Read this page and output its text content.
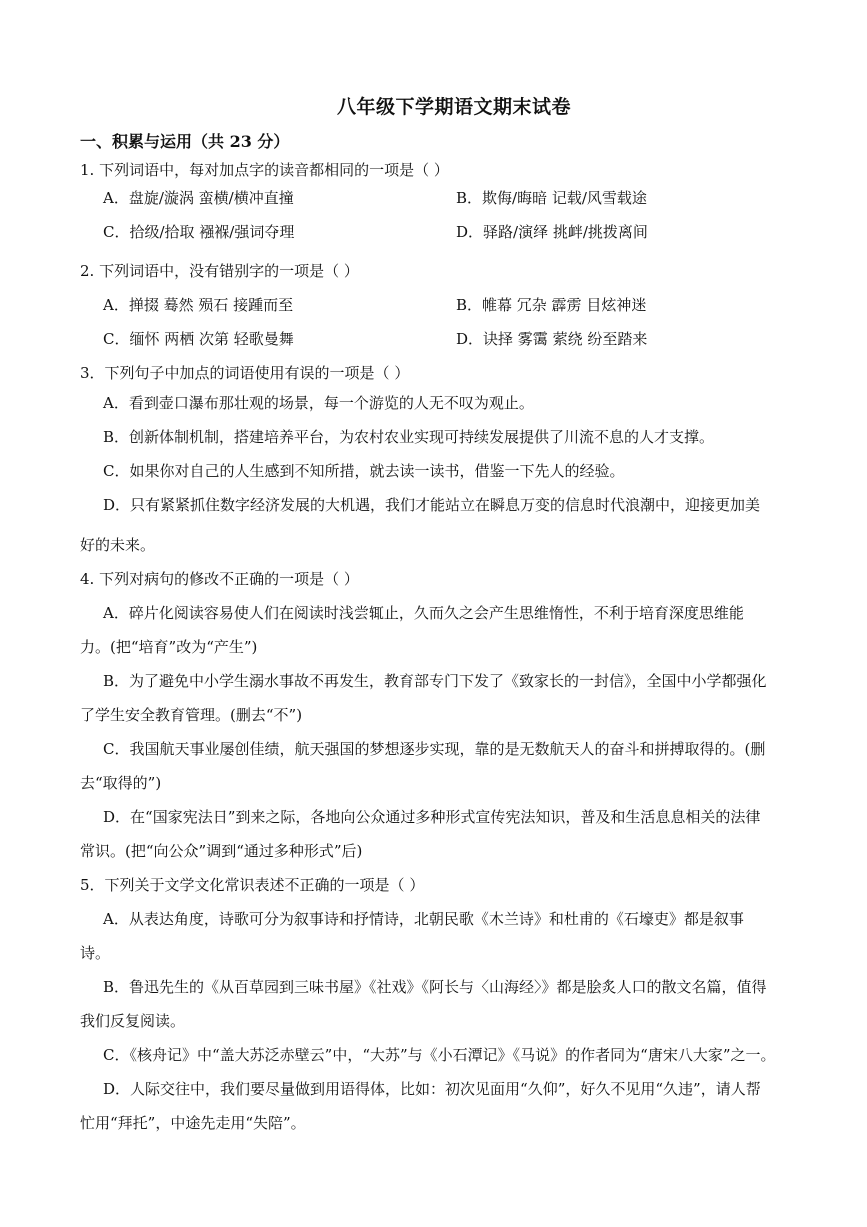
八年级下学期语文期末试卷
一、积累与运用（共 23 分）
1. 下列词语中，每对加点字的读音都相同的一项是（ ）
A．盘旋/漩涡 蛮横/横冲直撞	B．欺侮/晦暗 记载/风雪载途
C．拾级/拾取 襁褓/强词夺理	D．驿路/演绎 挑衅/挑拨离间
2. 下列词语中，没有错别字的一项是（ ）
A．掸掇 蓦然 殒石 接踵而至	B．帷幕 冗杂 霹雳 目炫神迷
C．缅怀 两栖 次第 轻歌曼舞	D．诀择 雾霭 萦绕 纷至踏来
3．下列句子中加点的词语使用有误的一项是（ ）
A．看到壶口瀑布那壮观的场景，每一个游览的人无不叹为观止。
B．创新体制机制，搭建培养平台，为农村农业实现可持续发展提供了川流不息的人才支撑。
C．如果你对自己的人生感到不知所措，就去读一读书，借鉴一下先人的经验。
D．只有紧紧抓住数字经济发展的大机遇，我们才能站立在瞬息万变的信息时代浪潮中，迎接更加美
好的未来。
4. 下列对病句的修改不正确的一项是（ ）
A．碎片化阅读容易使人们在阅读时浅尝辄止，久而久之会产生思维惰性，不利于培育深度思维能
力。(把“培育”改为“产生”)
B．为了避免中小学生溺水事故不再发生，教育部专门下发了《致家长的一封信》，全国中小学都强化
了学生安全教育管理。(删去“不”)
C．我国航天事业屡创佳绩，航天强国的梦想逐步实现，靠的是无数航天人的奋斗和拼搏取得的。(删
去“取得的”)
D．在“国家宪法日”到来之际，各地向公众通过多种形式宣传宪法知识，普及和生活息息相关的法律
常识。(把“向公众”调到“通过多种形式”后)
5．下列关于文学文化常识表述不正确的一项是（ ）
A．从表达角度，诗歌可分为叙事诗和抒情诗，北朝民歌《木兰诗》和杜甫的《石壕吏》都是叙事
诗。
B．鲁迅先生的《从百草园到三味书屋》《社戏》《阿长与〈山海经〉》都是脍炙人口的散文名篇，值得
我们反复阅读。
C．《核舟记》中“盖大苏泛赤壁云”中，“大苏”与《小石潭记》《马说》的作者同为“唐宋八大家”之一。
D．人际交往中，我们要尽量做到用语得体，比如：初次见面用“久仰”，好久不见用“久违”，请人帮
忙用“拜托”，中途先走用“失陪”。
